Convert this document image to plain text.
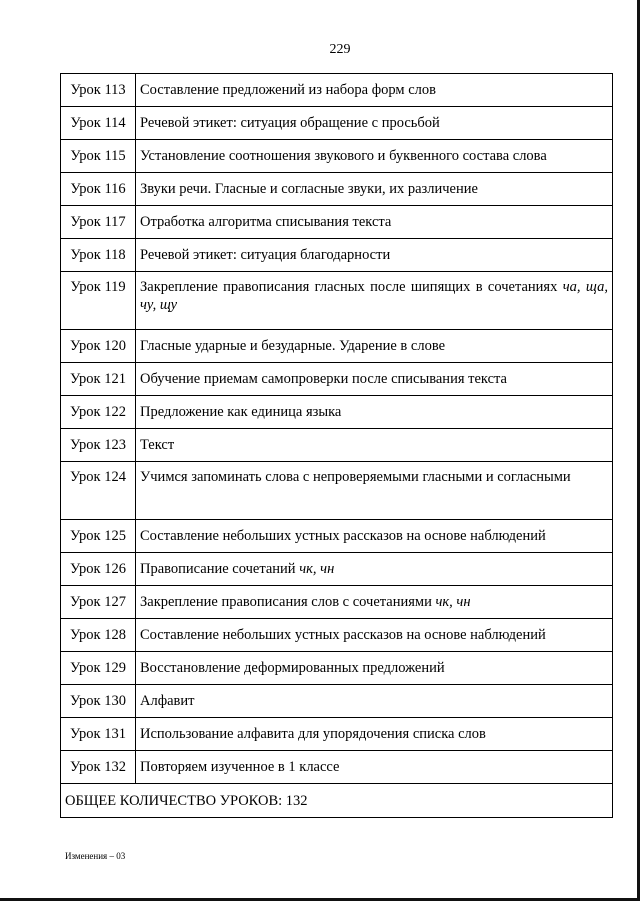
229
Урок 113	Составление предложений из набора форм слов
Урок 114	Речевой этикет: ситуация обращение с просьбой
Урок 115	Установление соотношения звукового и буквенного состава слова
Урок 116	Звуки речи. Гласные и согласные звуки, их различение
Урок 117	Отработка алгоритма списывания текста
Урок 118	Речевой этикет: ситуация благодарности
Урок 119	Закрепление правописания гласных после шипящих в сочетаниях ча, ща, чу, щу
Урок 120	Гласные ударные и безударные. Ударение в слове
Урок 121	Обучение приемам самопроверки после списывания текста
Урок 122	Предложение как единица языка
Урок 123	Текст
Урок 124	Учимся запоминать слова с непроверяемыми гласными и согласными
Урок 125	Составление небольших устных рассказов на основе наблюдений
Урок 126	Правописание сочетаний чк, чн
Урок 127	Закрепление правописания слов с сочетаниями чк, чн
Урок 128	Составление небольших устных рассказов на основе наблюдений
Урок 129	Восстановление деформированных предложений
Урок 130	Алфавит
Урок 131	Использование алфавита для упорядочения списка слов
Урок 132	Повторяем изученное в 1 классе
ОБЩЕЕ КОЛИЧЕСТВО УРОКОВ: 132	
Изменения – 03
